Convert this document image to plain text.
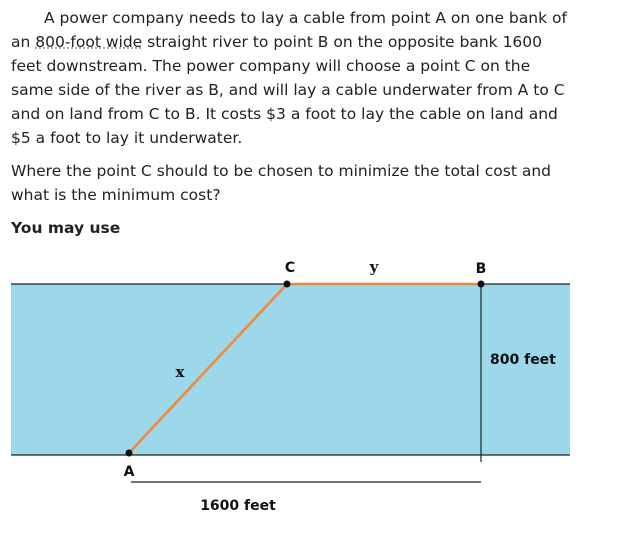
A power company needs to lay a cable from point A on one bank of an 800-foot wide straight river to point B on the opposite bank 1600 feet downstream. The power company will choose a point C on the same side of the river as B, and will lay a cable underwater from A to C and on land from C to B. It costs $3 a foot to lay the cable on land and $5 a foot to lay it underwater.

Where the point C should to be chosen to minimize the total cost and what is the minimum cost?

You may use
C	y	B
x
A
800 feet
1600 feet
